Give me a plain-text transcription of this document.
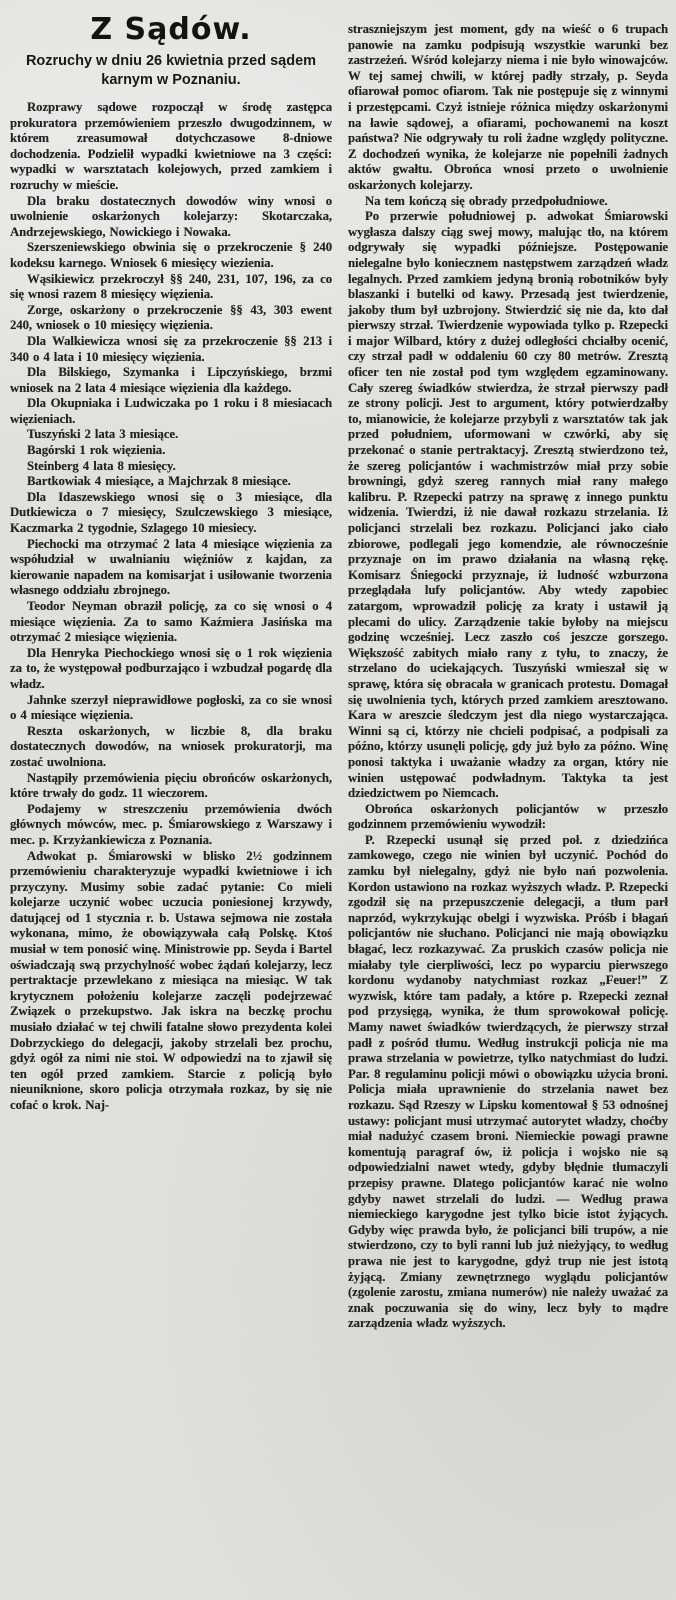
Z Sądów.
Rozruchy w dniu 26 kwietnia przed sądem karnym w Poznaniu.

Rozprawy sądowe rozpoczął w środę zastępca prokuratora przemówieniem przeszło dwugodzinnem, w którem zreasumował dotychczasowe 8-dniowe dochodzenia. Podzielił wypadki kwietniowe na 3 części: wypadki w warsztatach kolejowych, przed zamkiem i rozruchy w mieście.

Dla braku dostatecznych dowodów winy wnosi o uwolnienie oskarżonych kolejarzy: Skotarczaka, Andrzejewskiego, Nowickiego i Nowaka.

Szerszeniewskiego obwinia się o przekroczenie § 240 kodeksu karnego. Wniosek 6 miesięcy wiezienia.

Wąsikiewicz przekroczył §§ 240, 231, 107, 196, za co się wnosi razem 8 miesięcy więzienia.

Zorge, oskarżony o przekroczenie §§ 43, 303 ewent 240, wniosek o 10 miesięcy więzienia.

Dla Walkiewicza wnosi się za przekroczenie §§ 213 i 340 o 4 lata i 10 miesięcy więzienia.

Dla Bilskiego, Szymanka i Lipczyńskiego, brzmi wniosek na 2 lata 4 miesiące więzienia dla każdego.

Dla Okupniaka i Ludwiczaka po 1 roku i 8 miesiacach więzieniach.

Tuszyński 2 lata 3 miesiące.

Bagórski 1 rok więzienia.

Steinberg 4 lata 8 miesięcy.

Bartkowiak 4 miesiące, a Majchrzak 8 miesiące.

Dla Idaszewskiego wnosi się o 3 miesiące, dla Dutkiewicza o 7 miesięcy, Szulczewskiego 3 miesiące, Kaczmarka 2 tygodnie, Szlagego 10 miesiecy.

Piechocki ma otrzymać 2 lata 4 miesiące więzienia za współudział w uwalnianiu więźniów z kajdan, za kierowanie napadem na komisarjat i usiłowanie tworzenia własnego oddziału zbrojnego.

Teodor Neyman obraził policję, za co się wnosi o 4 miesiące więzienia. Za to samo Kaźmiera Jasińska ma otrzymać 2 miesiące więzienia.

Dla Henryka Piechockiego wnosi się o 1 rok więzienia za to, że występował podburzająco i wzbudzał pogardę dla władz.

Jahnke szerzył nieprawidłowe pogłoski, za co sie wnosi o 4 miesiące więzienia.

Reszta oskarżonych, w liczbie 8, dla braku dostatecznych dowodów, na wniosek prokuratorji, ma zostać uwolniona.

Nastąpiły przemówienia pięciu obrońców oskarżonych, które trwały do godz. 11 wieczorem.

Podajemy w streszczeniu przemówienia dwóch głównych mówców, mec. p. Śmiarowskiego z Warszawy i mec. p. Krzyżankiewicza z Poznania.

Adwokat p. Śmiarowski w blisko 2½ godzinnem przemówieniu charakteryzuje wypadki kwietniowe i ich przyczyny. Musimy sobie zadać pytanie: Co mieli kolejarze uczynić wobec uczucia poniesionej krzywdy, datującej od 1 stycznia r. b. Ustawa sejmowa nie została wykonana, mimo, że obowiązywała całą Polskę. Ktoś musiał w tem ponosić winę. Ministrowie pp. Seyda i Bartel oświadczają swą przychylność wobec żądań kolejarzy, lecz pertraktacje przewlekano z miesiąca na miesiąc. W tak krytycznem położeniu kolejarze zaczęli podejrzewać Związek o przekupstwo. Jak iskra na beczkę prochu musiało działać w tej chwili fatalne słowo prezydenta kolei Dobrzyckiego do delegacji, jakoby strzelali bez prochu, gdyż ogół za nimi nie stoi. W odpowiedzi na to zjawił się ten ogół przed zamkiem. Starcie z policją było nieuniknione, skoro policja otrzymała rozkaz, by się nie cofać o krok. Naj-

straszniejszym jest moment, gdy na wieść o 6 trupach panowie na zamku podpisują wszystkie warunki bez zastrzeżeń. Wśród kolejarzy niema i nie było winowajców. W tej samej chwili, w której padły strzały, p. Seyda ofiarował pomoc ofiarom. Tak nie postępuje się z winnymi i przestępcami. Czyż istnieje różnica między oskarżonymi na ławie sądowej, a ofiarami, pochowanemi na koszt państwa? Nie odgrywały tu roli żadne względy polityczne. Z dochodzeń wynika, że kolejarze nie popełnili żadnych aktów gwałtu. Obrońca wnosi przeto o uwolnienie oskarżonych kolejarzy.

Na tem kończą się obrady przedpołudniowe.

Po przerwie południowej p. adwokat Śmiarowski wygłasza dalszy ciąg swej mowy, malując tło, na którem odgrywały się wypadki późniejsze. Postępowanie nielegalne było koniecznem następstwem zarządzeń władz legalnych. Przed zamkiem jedyną bronią robotników były blaszanki i butelki od kawy. Przesadą jest twierdzenie, jakoby tłum był uzbrojony. Stwierdzić się nie da, kto dał pierwszy strzał. Twierdzenie wypowiada tylko p. Rzepecki i major Wilbard, który z dużej odległości chciałby ocenić, czy strzał padł w oddaleniu 60 czy 80 metrów. Zresztą oficer ten nie został pod tym względem egzaminowany. Cały szereg świadków stwierdza, że strzał pierwszy padł ze strony policji. Jest to argument, który potwierdzałby to, mianowicie, że kolejarze przybyli z warsztatów tak jak przed południem, uformowani w czwórki, aby się przekonać o stanie pertraktacyj. Zresztą stwierdzono też, że szereg policjantów i wachmistrzów miał przy sobie browningi, gdyż szereg rannych miał rany małego kalibru. P. Rzepecki patrzy na sprawę z innego punktu widzenia. Twierdzi, iż nie dawał rozkazu strzelania. Iż policjanci strzelali bez rozkazu. Policjanci jako ciało zbiorowe, podlegali jego komendzie, ale równocześnie przyznaje on im prawo działania na własną rękę. Komisarz Śniegocki przyznaje, iż ludność wzburzona przeglądała lufy policjantów. Aby wtedy zapobiec zatargom, wprowadził policję za kraty i ustawił ją plecami do ulicy. Zarządzenie takie byłoby na miejscu godzinę wcześniej. Lecz zaszło coś jeszcze gorszego. Większość zabitych miało rany z tyłu, to znaczy, że strzelano do uciekających. Tuszyński wmieszał się w sprawę, która się obracała w granicach protestu. Domagał się uwolnienia tych, których przed zamkiem aresztowano. Kara w areszcie śledczym jest dla niego wystarczająca. Winni są ci, którzy nie chcieli podpisać, a podpisali za późno, którzy usunęli policję, gdy już było za późno. Winę ponosi taktyka i uważanie władzy za organ, który nie winien ustępować podwładnym. Taktyka ta jest dziedzictwem po Niemcach.

Obrońca oskarżonych policjantów w przeszło godzinnem przemówieniu wywodził:

P. Rzepecki usunął się przed poł. z dziedzińca zamkowego, czego nie winien był uczynić. Pochód do zamku był nielegalny, gdyż nie było nań pozwolenia. Kordon ustawiono na rozkaz wyższych władz. P. Rzepecki zgodził się na przepuszczenie delegacji, a tłum parł naprzód, wykrzykując obelgi i wyzwiska. Próśb i błagań policjantów nie słuchano. Policjanci nie mają obowiązku błagać, lecz rozkazywać. Za pruskich czasów policja nie miałaby tyle cierpliwości, lecz po wyparciu pierwszego kordonu wydanoby natychmiast rozkaz „Feuer!” Z wyzwisk, które tam padały, a które p. Rzepecki zeznał pod przysięgą, wynika, że tłum sprowokował policję. Mamy nawet świadków twierdzących, że pierwszy strzał padł z pośród tłumu. Według instrukcji policja nie ma prawa strzelania w powietrze, tylko natychmiast do ludzi. Par. 8 regulaminu policji mówi o obowiązku użycia broni. Policja miała uprawnienie do strzelania nawet bez rozkazu. Sąd Rzeszy w Lipsku komentował § 53 odnośnej ustawy: policjant musi utrzymać autorytet władzy, choćby miał nadużyć czasem broni. Niemieckie powagi prawne komentują paragraf ów, iż policja i wojsko nie są odpowiedzialni nawet wtedy, gdyby błędnie tłumaczyli przepisy prawne. Dlatego policjantów karać nie wolno gdyby nawet strzelali do ludzi. — Według prawa niemieckiego karygodne jest tylko bicie istot żyjących. Gdyby więc prawda było, że policjanci bili trupów, a nie stwierdzono, czy to byli ranni lub już nieżyjący, to według prawa nie jest to karygodne, gdyż trup nie jest istotą żyjącą. Zmiany zewnętrznego wyglądu policjantów (zgolenie zarostu, zmiana numerów) nie należy uważać za znak poczuwania się do winy, lecz były to mądre zarządzenia władz wyższych.
